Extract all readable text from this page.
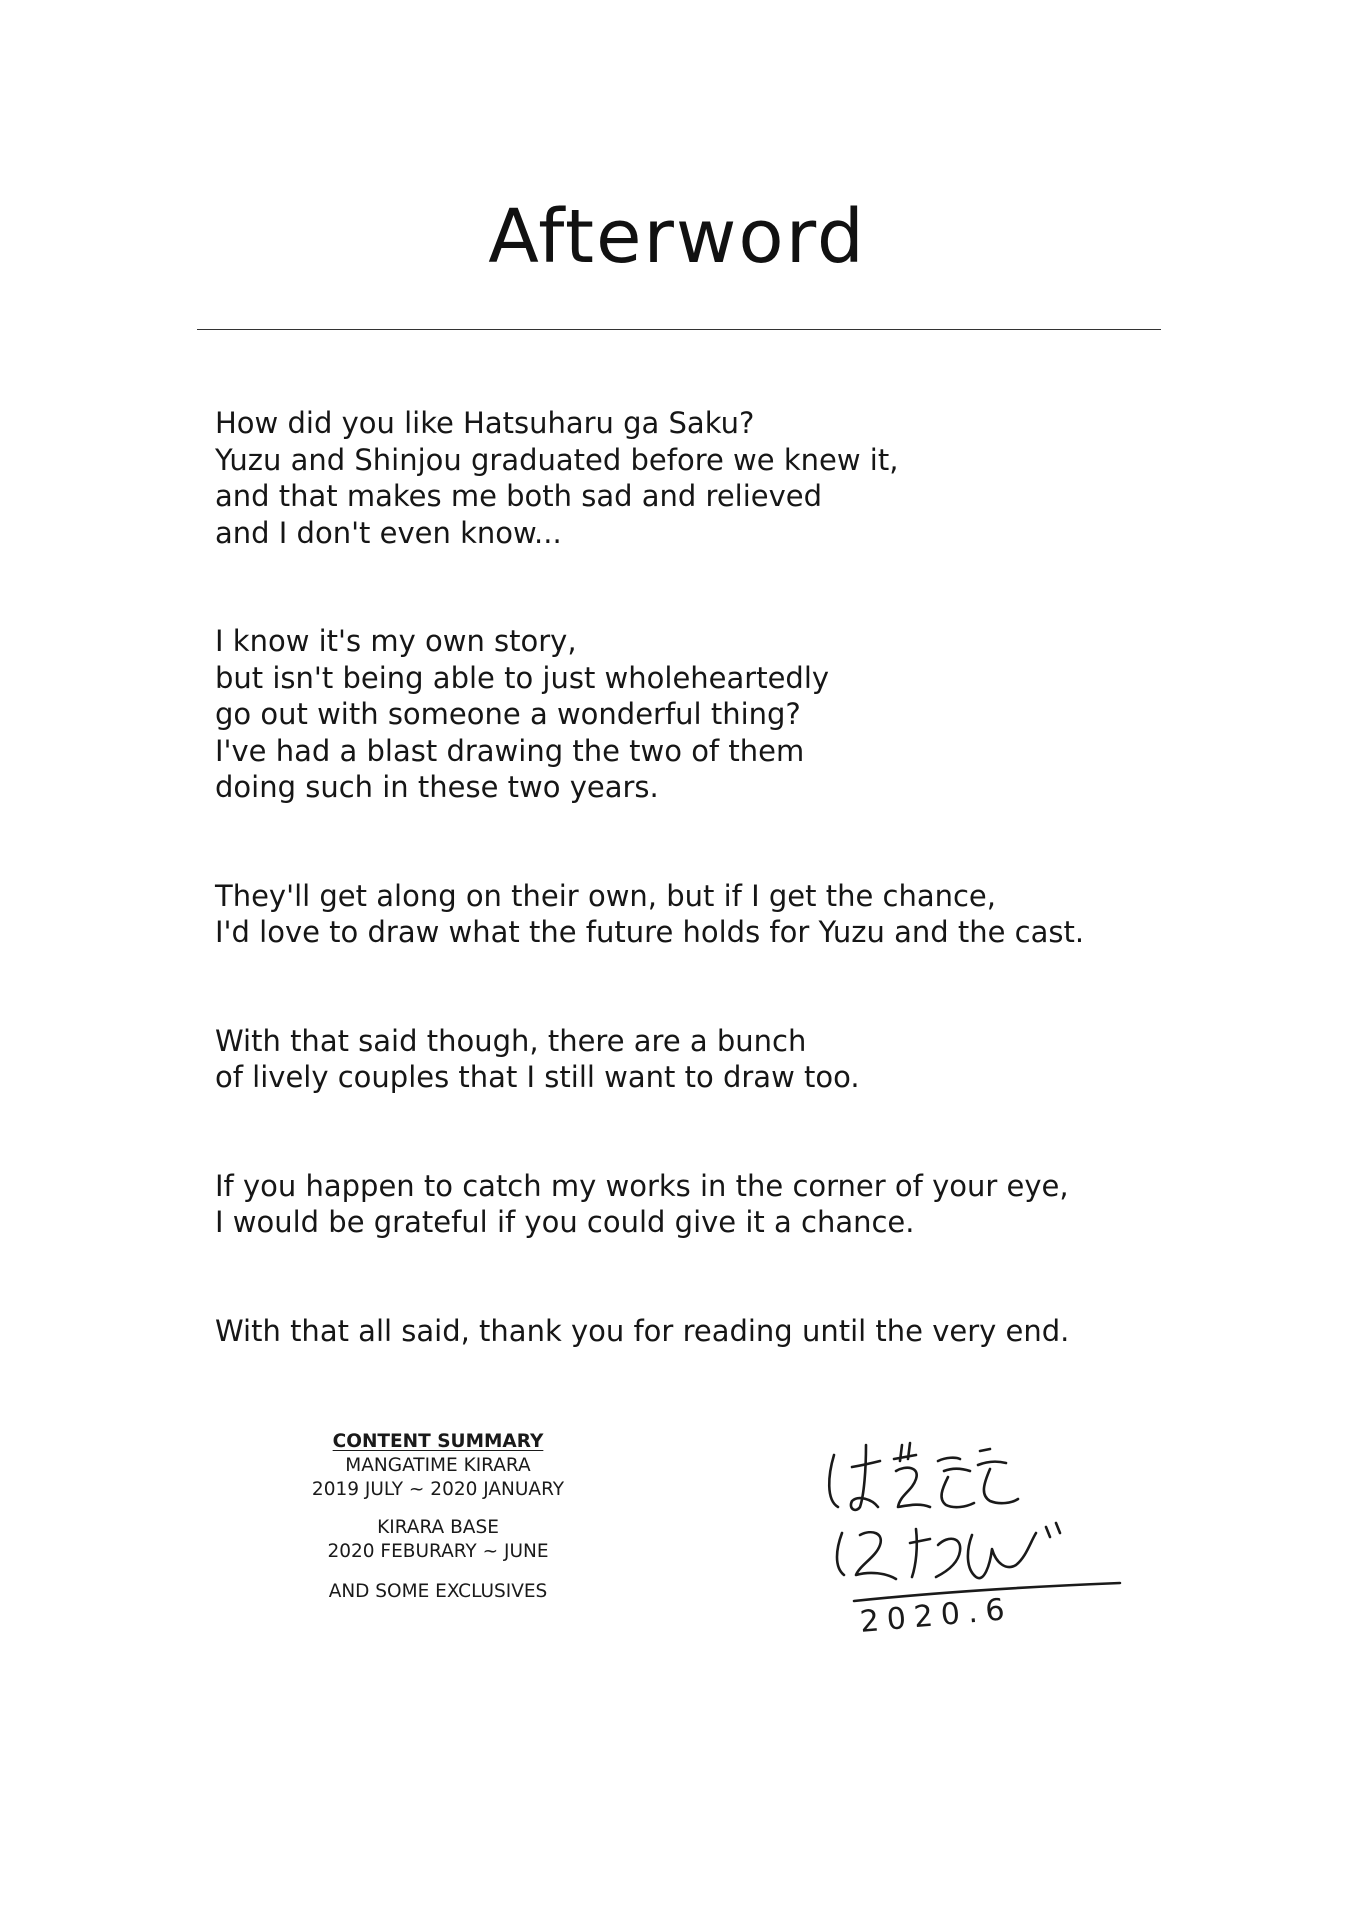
Afterword
How did you like Hatsuharu ga Saku?
Yuzu and Shinjou graduated before we knew it,
and that makes me both sad and relieved
and I don't even know...
I know it's my own story,
but isn't being able to just wholeheartedly
go out with someone a wonderful thing?
I've had a blast drawing the two of them
doing such in these two years.
They'll get along on their own, but if I get the chance,
I'd love to draw what the future holds for Yuzu and the cast.
With that said though, there are a bunch
of lively couples that I still want to draw too.
If you happen to catch my works in the corner of your eye,
I would be grateful if you could give it a chance.
With that all said, thank you for reading until the very end.
CONTENT SUMMARY
MANGATIME KIRARA
2019 JULY ~ 2020 JANUARY
KIRARA BASE
2020 FEBURARY ~ JUNE
AND SOME EXCLUSIVES
2020.6
